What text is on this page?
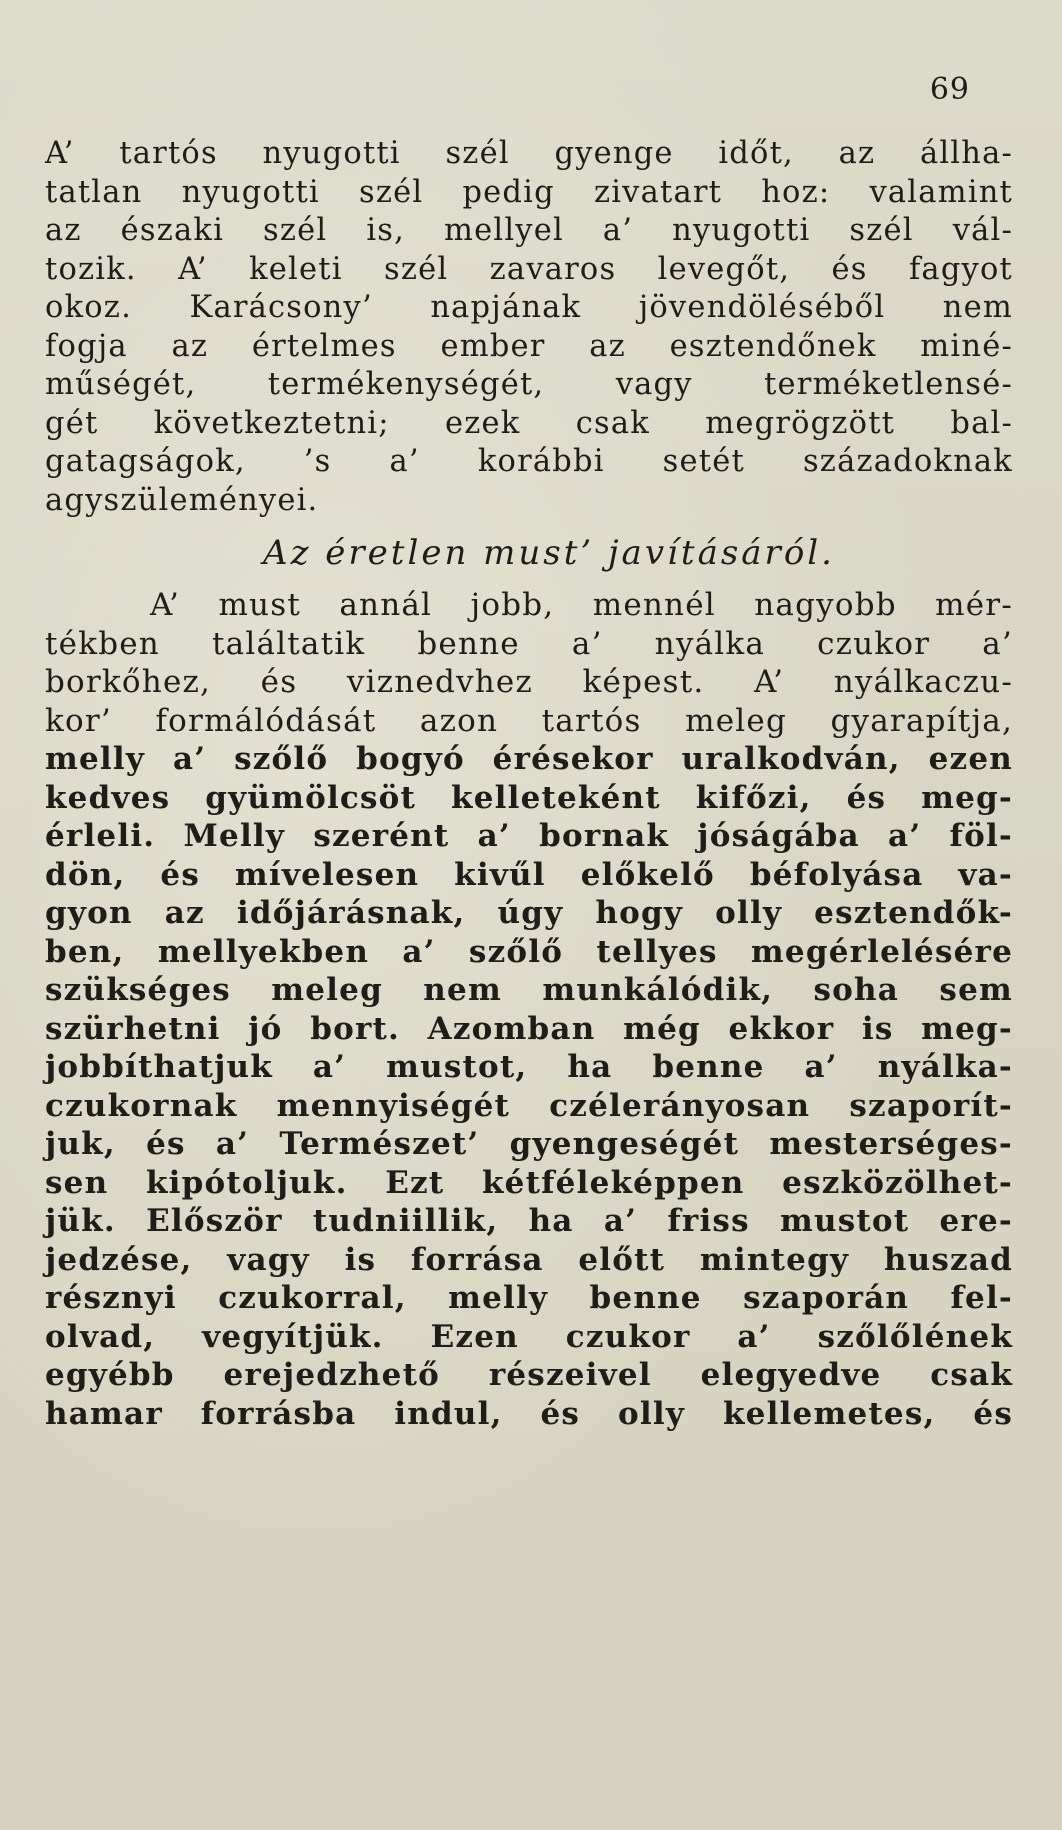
69
A’ tartós nyugotti szél gyenge időt, az állha-
tatlan nyugotti szél pedig zivatart hoz: valamint
az északi szél is, mellyel a’ nyugotti szél vál-
tozik. A’ keleti szél zavaros levegőt, és fagyot
okoz. Karácsony’ napjának jövendöléséből nem
fogja az értelmes ember az esztendőnek miné-
műségét, termékenységét, vagy terméketlensé-
gét következtetni; ezek csak megrögzött bal-
gatagságok, ’s a’ korábbi setét századoknak
agyszüleményei.
Az éretlen must’ javításáról.
A’ must annál jobb, mennél nagyobb mér-
tékben találtatik benne a’ nyálka czukor a’
borkőhez, és viznedvhez képest. A’ nyálkaczu-
kor’ formálódását azon tartós meleg gyarapítja,
melly a’ szőlő bogyó érésekor uralkodván, ezen
kedves gyümölcsöt kelleteként kifőzi, és meg-
érleli. Melly szerént a’ bornak jóságába a’ föl-
dön, és mívelesen kivűl előkelő béfolyása va-
gyon az időjárásnak, úgy hogy olly esztendők-
ben, mellyekben a’ szőlő tellyes megérlelésére
szükséges meleg nem munkálódik, soha sem
szürhetni jó bort. Azomban még ekkor is meg-
jobbíthatjuk a’ mustot, ha benne a’ nyálka-
czukornak mennyiségét czélerányosan szaporít-
juk, és a’ Természet’ gyengeségét mesterséges-
sen kipótoljuk. Ezt kétféleképpen eszközölhet-
jük. Először tudniillik, ha a’ friss mustot ere-
jedzése, vagy is forrása előtt mintegy huszad
résznyi czukorral, melly benne szaporán fel-
olvad, vegyítjük. Ezen czukor a’ szőlőlének
egyébb erejedzhető részeivel elegyedve csak
hamar forrásba indul, és olly kellemetes, és
